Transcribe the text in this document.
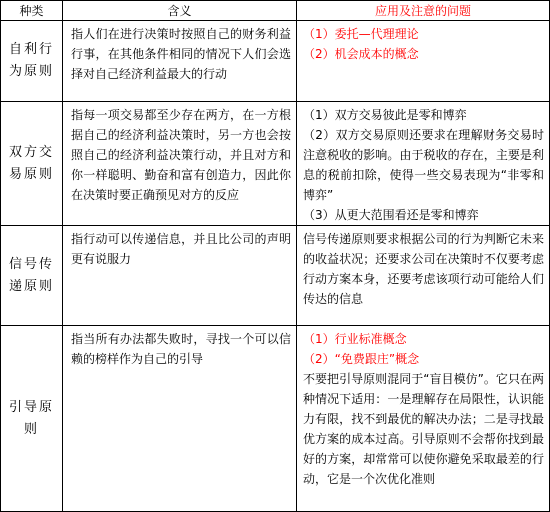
种类	含义	应用及注意的问题
自利行为原则
指人们在进行决策时按照自己的财务利益行事，在其他条件相同的情况下人们会选择对自己经济利益最大的行动
（1）委托—代理理论
（2）机会成本的概念
双方交易原则
指每一项交易都至少存在两方，在一方根据自己的经济利益决策时，另一方也会按照自己的经济利益决策行动，并且对方和你一样聪明、勤奋和富有创造力，因此你在决策时要正确预见对方的反应
（1）双方交易彼此是零和博弈
（2）双方交易原则还要求在理解财务交易时注意税收的影响。由于税收的存在，主要是利息的税前扣除，使得一些交易表现为“非零和博弈”
（3）从更大范围看还是零和博弈
信号传递原则
指行动可以传递信息，并且比公司的声明更有说服力
信号传递原则要求根据公司的行为判断它未来的收益状况；还要求公司在决策时不仅要考虑行动方案本身，还要考虑该项行动可能给人们传达的信息
引导原则
指当所有办法都失败时，寻找一个可以信赖的榜样作为自己的引导
（1）行业标准概念
（2）“免费跟庄”概念
不要把引导原则混同于“盲目模仿”。它只在两种情况下适用：一是理解存在局限性，认识能力有限，找不到最优的解决办法；二是寻找最优方案的成本过高。引导原则不会帮你找到最好的方案，却常常可以使你避免采取最差的行动，它是一个次优化准则
